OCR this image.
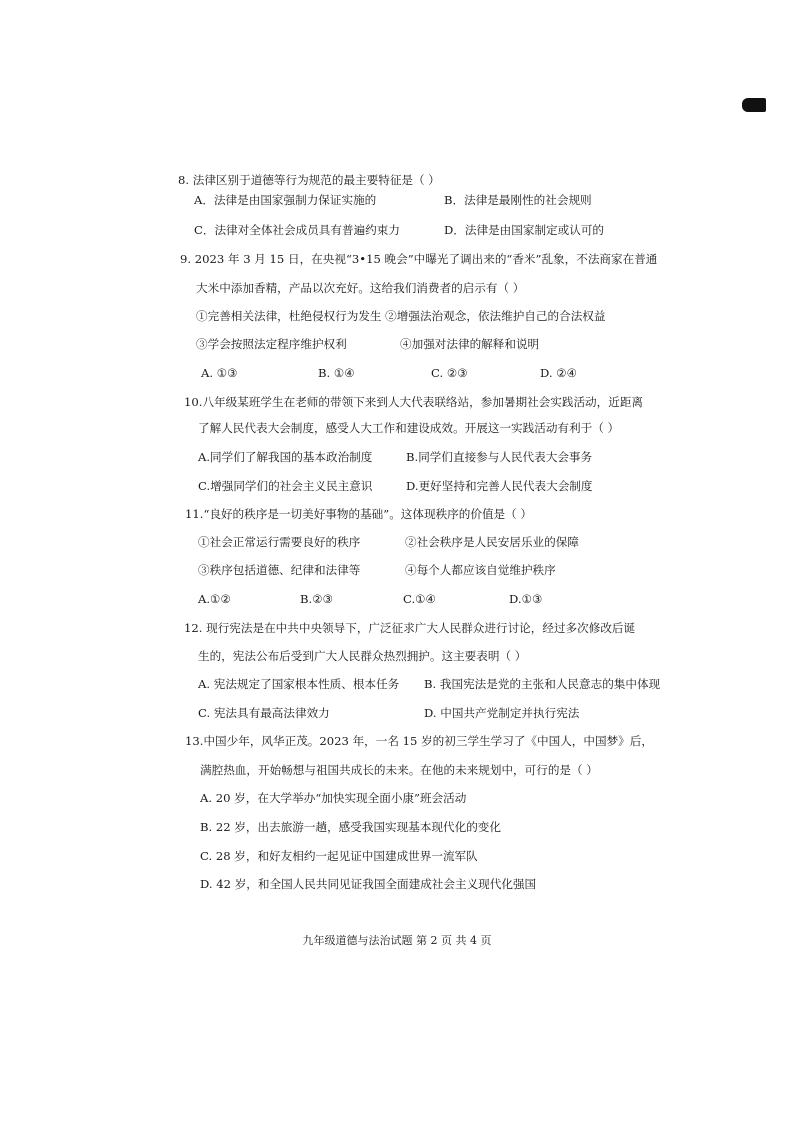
8. 法律区别于道德等行为规范的最主要特征是（ ）
A．法律是由国家强制力保证实施的	B．法律是最刚性的社会规则
C．法律对全体社会成员具有普遍约束力	D．法律是由国家制定或认可的
9. 2023 年 3 月 15 日，在央视“3•15 晚会”中曝光了调出来的“香米”乱象，不法商家在普通
大米中添加香精，产品以次充好。这给我们消费者的启示有（ ）
①完善相关法律，杜绝侵权行为发生 ②增强法治观念，依法维护自己的合法权益
③学会按照法定程序维护权利	④加强对法律的解释和说明
A. ①③	B. ①④	C. ②③	D. ②④
10.八年级某班学生在老师的带领下来到人大代表联络站，参加暑期社会实践活动，近距离
了解人民代表大会制度，感受人大工作和建设成效。开展这一实践活动有利于（ ）
A.同学们了解我国的基本政治制度	B.同学们直接参与人民代表大会事务
C.增强同学们的社会主义民主意识	D.更好坚持和完善人民代表大会制度
11.“良好的秩序是一切美好事物的基础”。这体现秩序的价值是（ ）
①社会正常运行需要良好的秩序	②社会秩序是人民安居乐业的保障
③秩序包括道德、纪律和法律等	④每个人都应该自觉维护秩序
A.①②	B.②③	C.①④	D.①③
12. 现行宪法是在中共中央领导下，广泛征求广大人民群众进行讨论，经过多次修改后诞
生的，宪法公布后受到广大人民群众热烈拥护。这主要表明（ ）
A. 宪法规定了国家根本性质、根本任务 B. 我国宪法是党的主张和人民意志的集中体现
C. 宪法具有最高法律效力	D. 中国共产党制定并执行宪法
13.中国少年，风华正茂。2023 年，一名 15 岁的初三学生学习了《中国人，中国梦》后，
满腔热血，开始畅想与祖国共成长的未来。在他的未来规划中，可行的是（ ）
A. 20 岁，在大学举办“加快实现全面小康”班会活动
B. 22 岁，出去旅游一趟，感受我国实现基本现代化的变化
C. 28 岁，和好友相约一起见证中国建成世界一流军队
D. 42 岁，和全国人民共同见证我国全面建成社会主义现代化强国
九年级道德与法治试题 第 2 页 共 4 页
